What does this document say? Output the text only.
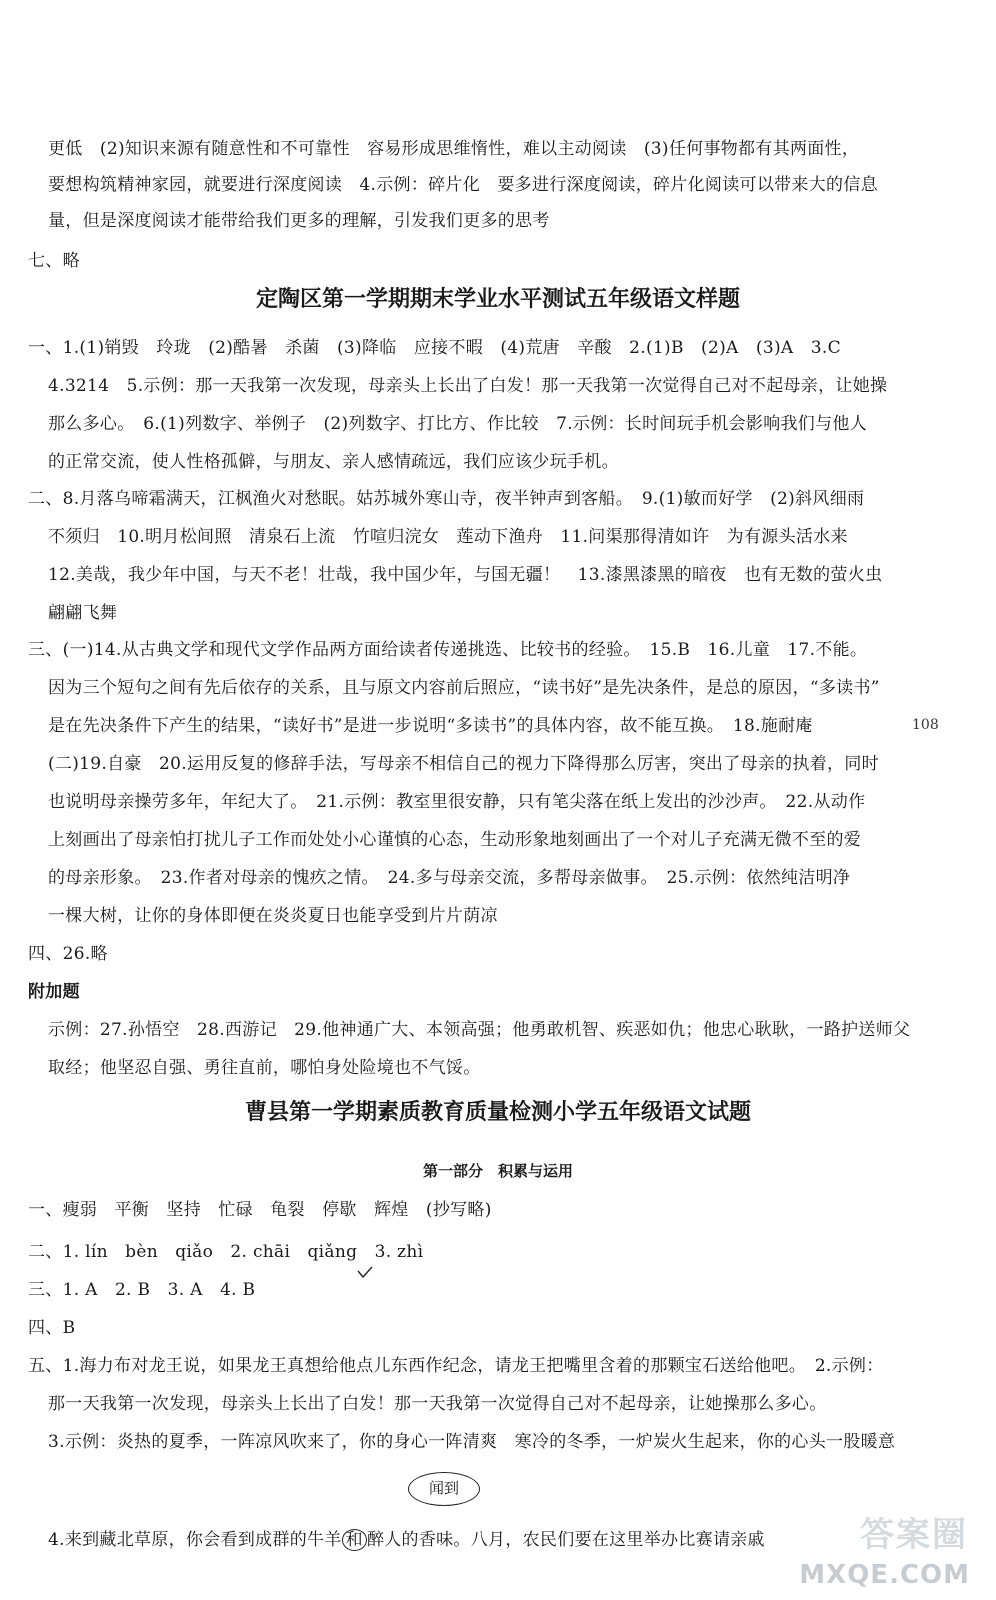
更低　(2)知识来源有随意性和不可靠性　容易形成思维惰性，难以主动阅读　(3)任何事物都有其两面性，
要想构筑精神家园，就要进行深度阅读　4.示例：碎片化　要多进行深度阅读，碎片化阅读可以带来大的信息
量，但是深度阅读才能带给我们更多的理解，引发我们更多的思考
七、略
定陶区第一学期期末学业水平测试五年级语文样题
一、1.(1)销毁　玲珑　(2)酷暑　杀菌　(3)降临　应接不暇　(4)荒唐　辛酸　2.(1)B　(2)A　(3)A　3.C
4.3214　5.示例：那一天我第一次发现，母亲头上长出了白发！那一天我第一次觉得自己对不起母亲，让她操
那么多心。　6.(1)列数字、举例子　(2)列数字、打比方、作比较　7.示例：长时间玩手机会影响我们与他人
的正常交流，使人性格孤僻，与朋友、亲人感情疏远，我们应该少玩手机。
二、8.月落乌啼霜满天，江枫渔火对愁眠。姑苏城外寒山寺，夜半钟声到客船。　9.(1)敏而好学　(2)斜风细雨
不须归　10.明月松间照　清泉石上流　竹喧归浣女　莲动下渔舟　11.问渠那得清如许　为有源头活水来
12.美哉，我少年中国，与天不老！壮哉，我中国少年，与国无疆！　13.漆黑漆黑的暗夜　也有无数的萤火虫
翩翩飞舞
三、(一)14.从古典文学和现代文学作品两方面给读者传递挑选、比较书的经验。　15.B　16.儿童　17.不能。
因为三个短句之间有先后依存的关系，且与原文内容前后照应，“读书好”是先决条件，是总的原因，“多读书”
是在先决条件下产生的结果，“读好书”是进一步说明“多读书”的具体内容，故不能互换。　18.施耐庵	108
(二)19.自豪　20.运用反复的修辞手法，写母亲不相信自己的视力下降得那么厉害，突出了母亲的执着，同时
也说明母亲操劳多年，年纪大了。　21.示例：教室里很安静，只有笔尖落在纸上发出的沙沙声。　22.从动作
上刻画出了母亲怕打扰儿子工作而处处小心谨慎的心态，生动形象地刻画出了一个对儿子充满无微不至的爱
的母亲形象。　23.作者对母亲的愧疚之情。　24.多与母亲交流，多帮母亲做事。　25.示例：依然纯洁明净
一棵大树，让你的身体即便在炎炎夏日也能享受到片片荫凉
四、26.略
附加题
示例：27.孙悟空　28.西游记　29.他神通广大、本领高强；他勇敢机智、疾恶如仇；他忠心耿耿，一路护送师父
取经；他坚忍自强、勇往直前，哪怕身处险境也不气馁。
曹县第一学期素质教育质量检测小学五年级语文试题
第一部分　积累与运用
一、瘦弱　平衡　坚持　忙碌　龟裂　停歇　辉煌　(抄写略)
二、1. lín　bèn　qiǎo　2. chāi　qiǎng　3. zhì
三、1. A　2. B　3. A　4. B
四、B
五、1.海力布对龙王说，如果龙王真想给他点儿东西作纪念，请龙王把嘴里含着的那颗宝石送给他吧。　2.示例：
那一天我第一次发现，母亲头上长出了白发！那一天我第一次觉得自己对不起母亲，让她操那么多心。
3.示例：炎热的夏季，一阵凉风吹来了，你的身心一阵清爽　寒冷的冬季，一炉炭火生起来，你的心头一股暖意
闻到
4.来到藏北草原，你会看到成群的牛羊 和 醉人的香味。八月，农民们要在这里举办比赛请亲戚	答案圈
MXQE.COM
